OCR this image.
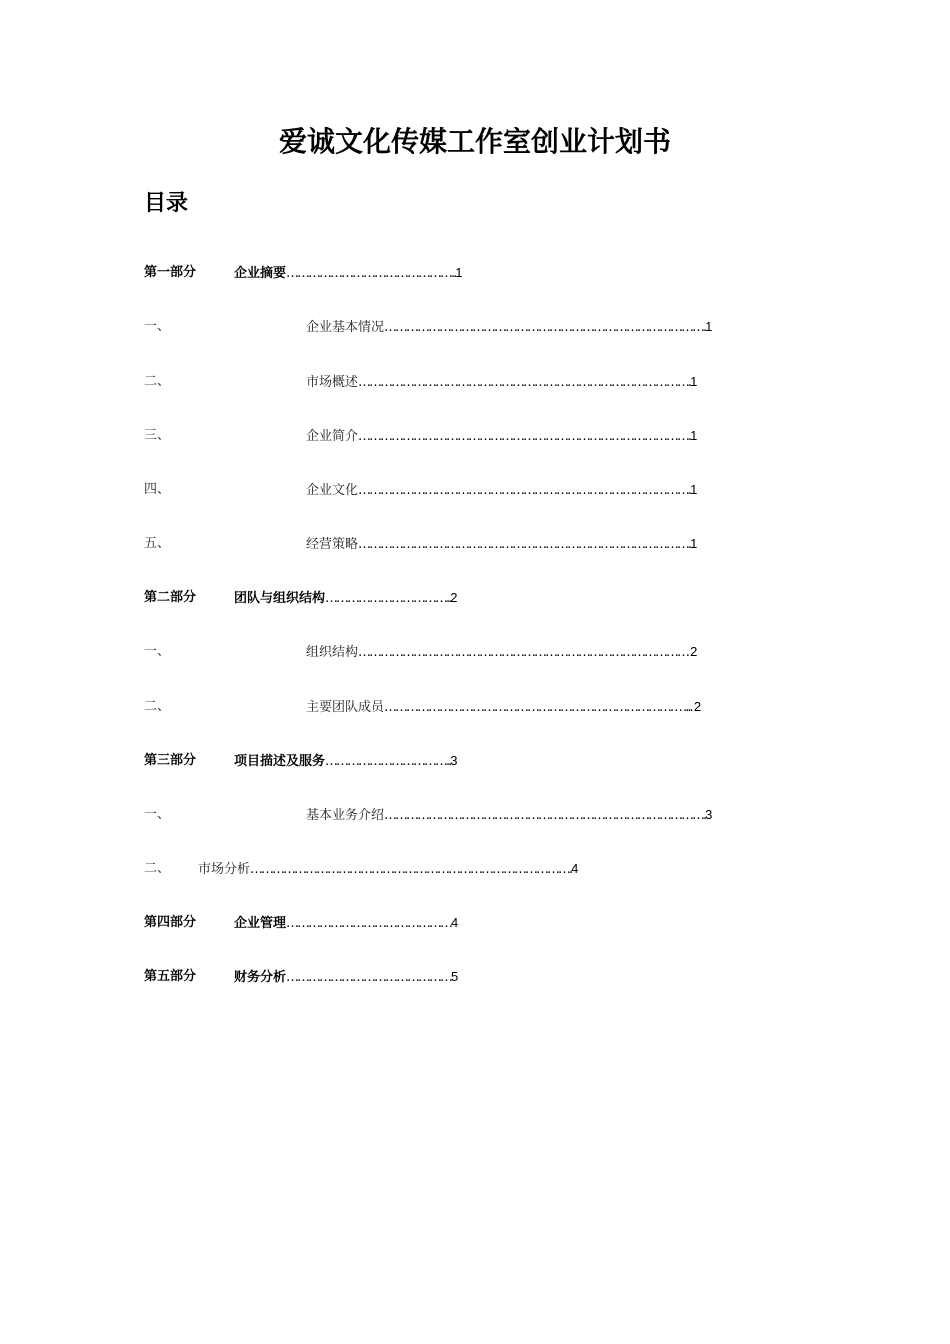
爱诚文化传媒工作室创业计划书
目录
第一部分	企业摘要………………………………………..1
一、	企业基本情况…………………………………………………………………………….1
二、	市场概述……………………………………………………………………………….1
三、	企业简介……………………………………………………………………………….1
四、	企业文化……………………………………………………………………………….1
五、	经营策略……………………………………………………………………………….1
第二部分	团队与组织结构……………………………..2
一、	组织结构……………………………………………………………………………… 2
二、	主要团队成员……………………………………………………………………. …... 2
第三部分	项目描述及服务……………………………..3
一、	基本业务介绍…………………………………………………………………………….3
二、 市场分析…………………………………………………………………………….4
第四部分	企业管理………………………………………4
第五部分	财务分析………………………………………5
